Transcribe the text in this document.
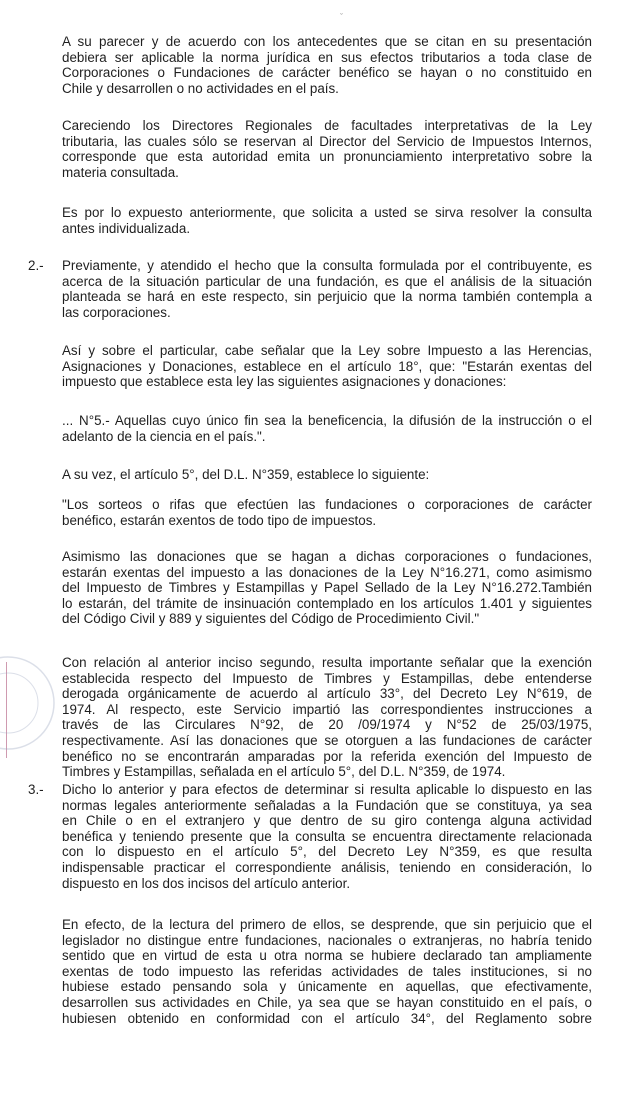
ˇ
A su parecer y de acuerdo con los antecedentes que se citan en su presentación
debiera ser aplicable la norma jurídica en sus efectos tributarios a toda clase de
Corporaciones o Fundaciones de carácter benéfico se hayan o no constituido en
Chile y desarrollen o no actividades en el país.
Careciendo los Directores Regionales de facultades interpretativas de la Ley
tributaria, las cuales sólo se reservan al Director del Servicio de Impuestos Internos,
corresponde que esta autoridad emita un pronunciamiento interpretativo sobre la
materia consultada.
Es por lo expuesto anteriormente, que solicita a usted se sirva resolver la consulta
antes individualizada.
2.- Previamente, y atendido el hecho que la consulta formulada por el contribuyente, es
acerca de la situación particular de una fundación, es que el análisis de la situación
planteada se hará en este respecto, sin perjuicio que la norma también contempla a
las corporaciones.
Así y sobre el particular, cabe señalar que la Ley sobre Impuesto a las Herencias,
Asignaciones y Donaciones, establece en el artículo 18°, que: "Estarán exentas del
impuesto que establece esta ley las siguientes asignaciones y donaciones:
... N°5.- Aquellas cuyo único fin sea la beneficencia, la difusión de la instrucción o el
adelanto de la ciencia en el país.".
A su vez, el artículo 5°, del D.L. N°359, establece lo siguiente:
"Los sorteos o rifas que efectúen las fundaciones o corporaciones de carácter
benéfico, estarán exentos de todo tipo de impuestos.
Asimismo las donaciones que se hagan a dichas corporaciones o fundaciones,
estarán exentas del impuesto a las donaciones de la Ley N°16.271, como asimismo
del Impuesto de Timbres y Estampillas y Papel Sellado de la Ley N°16.272.También
lo estarán, del trámite de insinuación contemplado en los artículos 1.401 y siguientes
del Código Civil y 889 y siguientes del Código de Procedimiento Civil."
Con relación al anterior inciso segundo, resulta importante señalar que la exención
establecida respecto del Impuesto de Timbres y Estampillas, debe entenderse
derogada orgánicamente de acuerdo al artículo 33°, del Decreto Ley N°619, de
1974. Al respecto, este Servicio impartió las correspondientes instrucciones a
través de las Circulares N°92, de 20 /09/1974 y N°52 de 25/03/1975,
respectivamente. Así las donaciones que se otorguen a las fundaciones de carácter
benéfico no se encontrarán amparadas por la referida exención del Impuesto de
Timbres y Estampillas, señalada en el artículo 5°, del D.L. N°359, de 1974.
3.- Dicho lo anterior y para efectos de determinar si resulta aplicable lo dispuesto en las
normas legales anteriormente señaladas a la Fundación que se constituya, ya sea
en Chile o en el extranjero y que dentro de su giro contenga alguna actividad
benéfica y teniendo presente que la consulta se encuentra directamente relacionada
con lo dispuesto en el artículo 5°, del Decreto Ley N°359, es que resulta
indispensable practicar el correspondiente análisis, teniendo en consideración, lo
dispuesto en los dos incisos del artículo anterior.
En efecto, de la lectura del primero de ellos, se desprende, que sin perjuicio que el
legislador no distingue entre fundaciones, nacionales o extranjeras, no habría tenido
sentido que en virtud de esta u otra norma se hubiere declarado tan ampliamente
exentas de todo impuesto las referidas actividades de tales instituciones, si no
hubiese estado pensando sola y únicamente en aquellas, que efectivamente,
desarrollen sus actividades en Chile, ya sea que se hayan constituido en el país, o
hubiesen obtenido en conformidad con el artículo 34°, del Reglamento sobre
